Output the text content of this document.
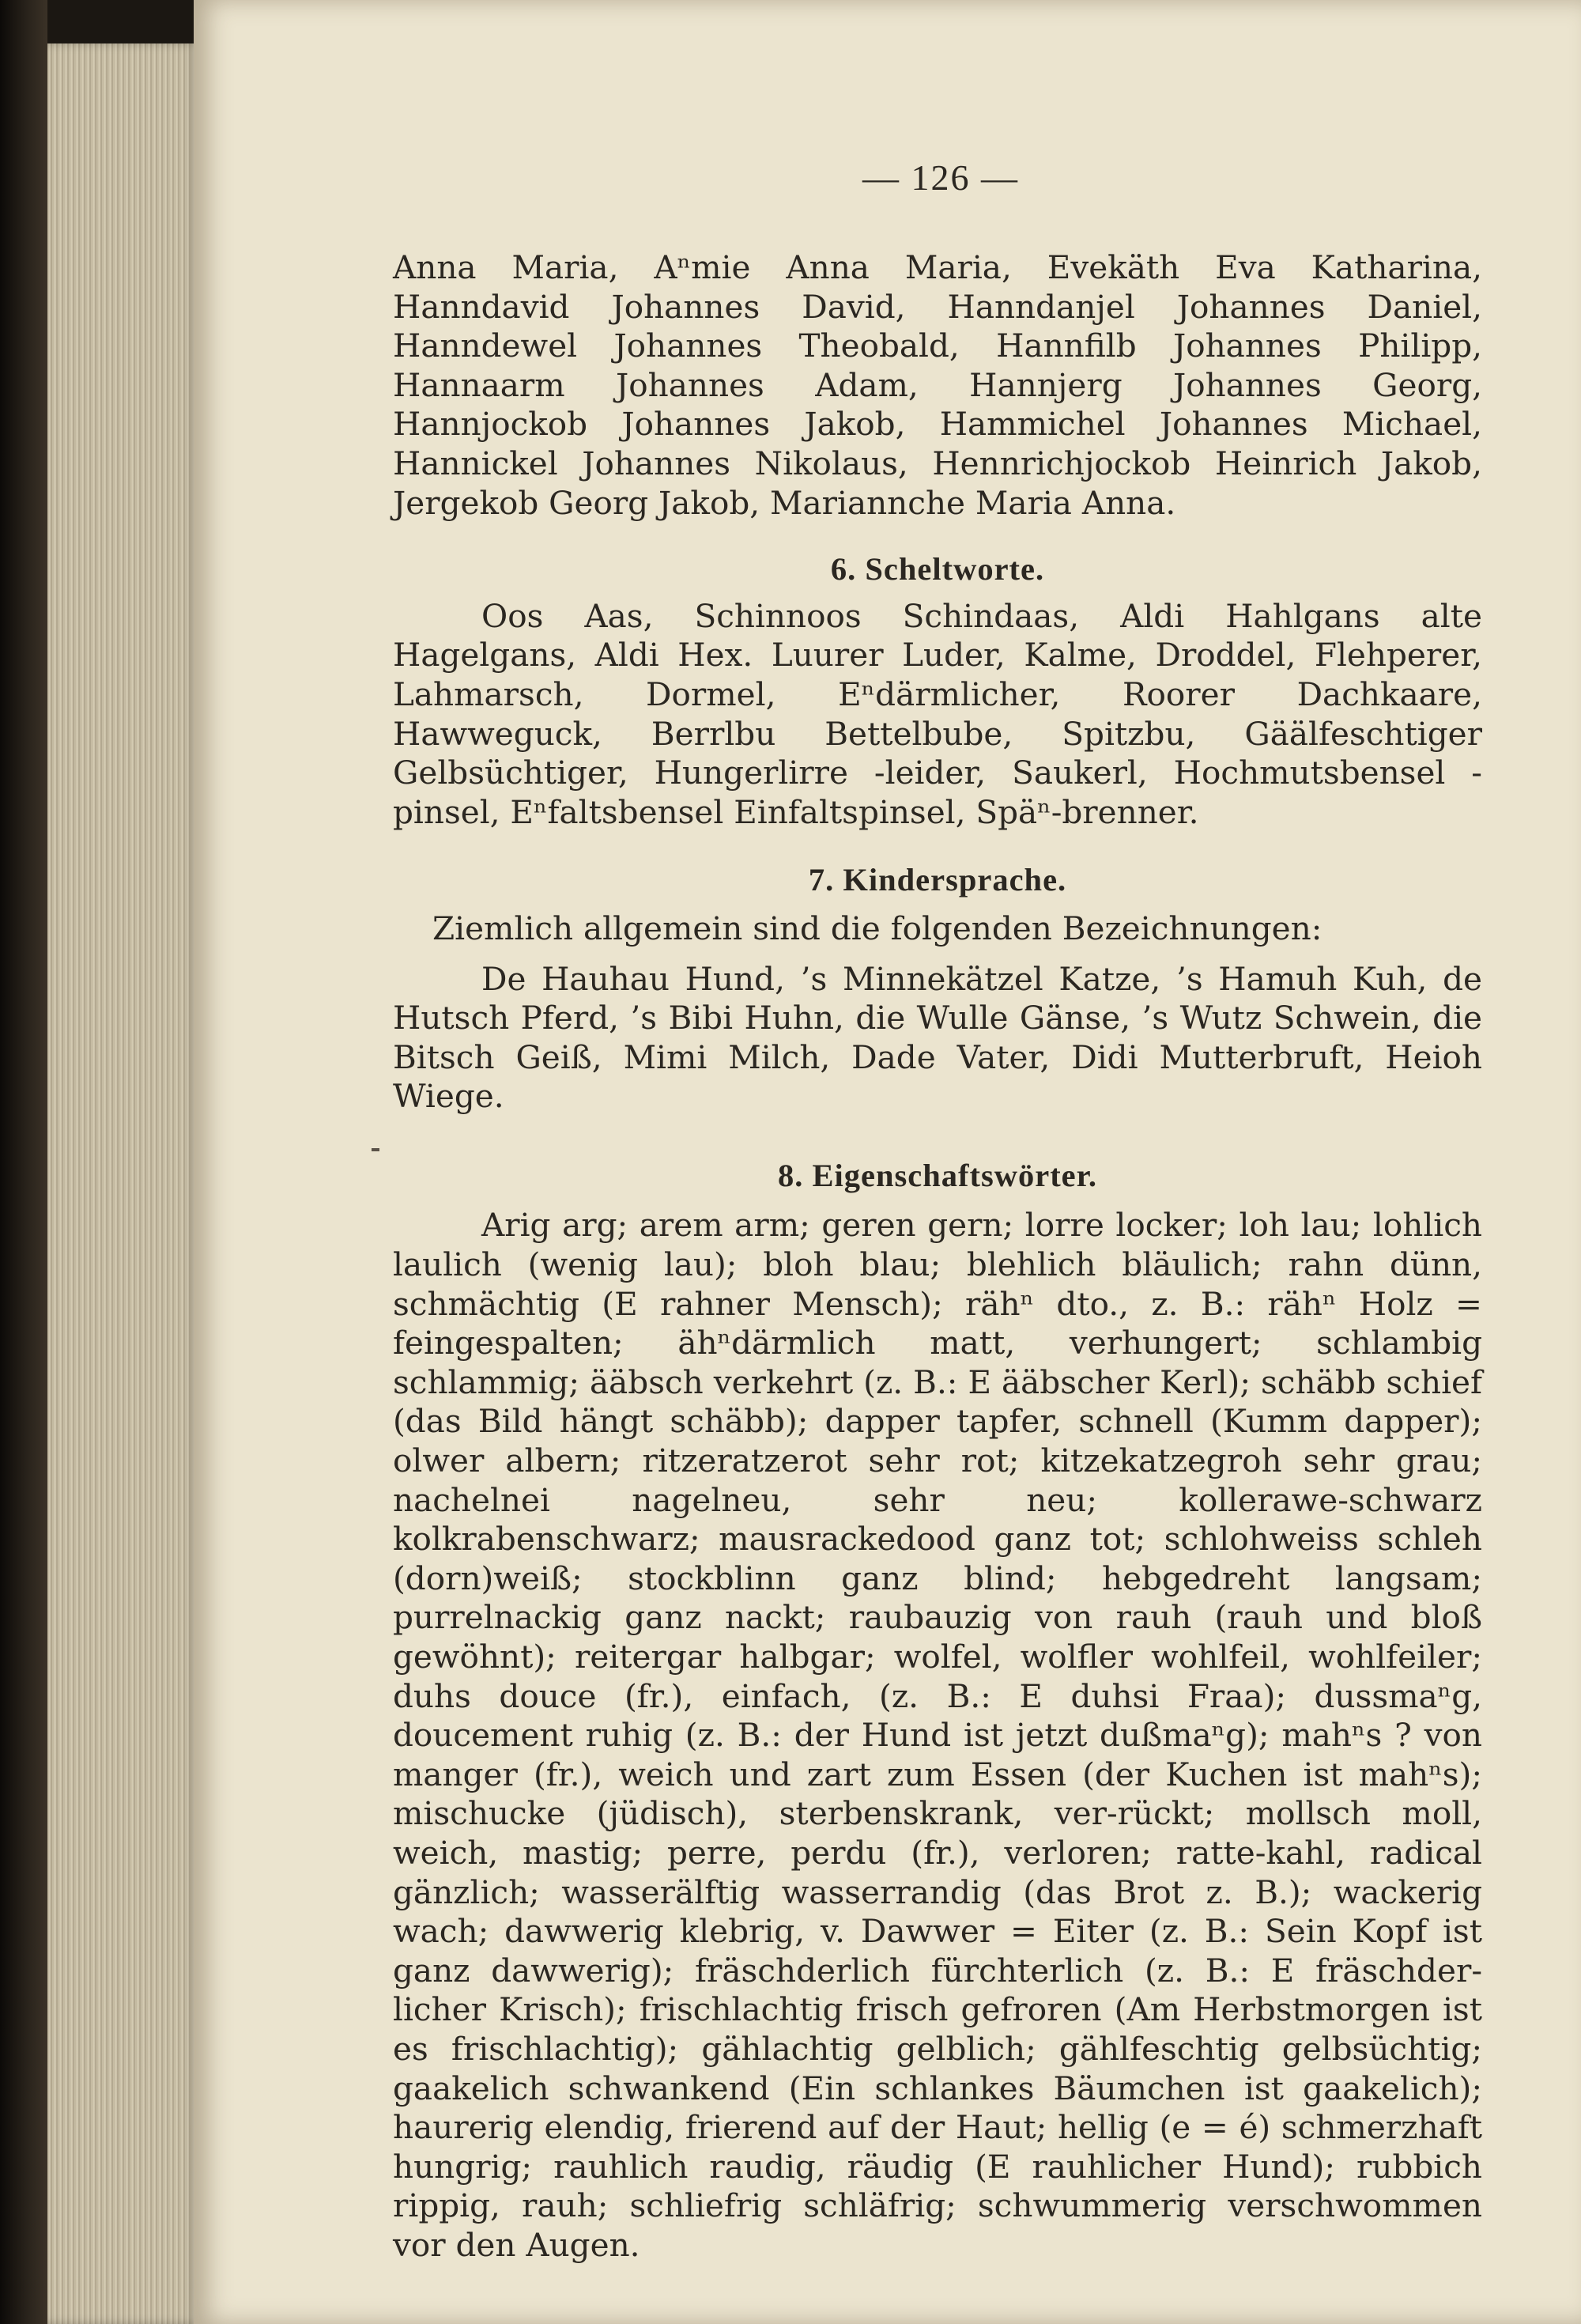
— 126 —

Anna Maria, Aⁿmie Anna Maria, Evekäth Eva Katharina, Hanndavid Johannes David, Hanndanjel Johannes Daniel, Hanndewel Johannes Theobald, Hannfilb Johannes Philipp, Hannaarm Johannes Adam, Hannjerg Johannes Georg, Hannjockob Johannes Jakob, Hammichel Johannes Michael, Hannickel Johannes Nikolaus, Hennrichjockob Heinrich Jakob, Jergekob Georg Jakob, Mariannche Maria Anna.

6. Scheltworte.

Oos Aas, Schinnoos Schindaas, Aldi Hahlgans alte Hagelgans, Aldi Hex. Luurer Luder, Kalme, Droddel, Flehperer, Lahmarsch, Dormel, Eⁿdärmlicher, Roorer Dachkaare, Hawweguck, Berrlbu Bettelbube, Spitzbu, Gäälfeschtiger Gelbsüchtiger, Hungerlirre -leider, Saukerl, Hochmutsbensel -pinsel, Eⁿfaltsbensel Einfaltspinsel, Späⁿ-brenner.

7. Kindersprache.

Ziemlich allgemein sind die folgenden Bezeichnungen:

De Hauhau Hund, ’s Minnekätzel Katze, ’s Hamuh Kuh, de Hutsch Pferd, ’s Bibi Huhn, die Wulle Gänse, ’s Wutz Schwein, die Bitsch Geiß, Mimi Milch, Dade Vater, Didi Mutterbruft, Heioh Wiege.

8. Eigenschaftswörter.

Arig arg; arem arm; geren gern; lorre locker; loh lau; lohlich laulich (wenig lau); bloh blau; blehlich bläulich; rahn dünn, schmächtig (E rahner Mensch); rähⁿ dto., z. B.: rähⁿ Holz = feingespalten; ähⁿdärmlich matt, verhungert; schlambig schlammig; ääbsch verkehrt (z. B.: E ääbscher Kerl); schäbb schief (das Bild hängt schäbb); dapper tapfer, schnell (Kumm dapper); olwer albern; ritzeratzerot sehr rot; kitzekatzegroh sehr grau; nachelnei nagelneu, sehr neu; kollerawe-schwarz kolkrabenschwarz; mausrackedood ganz tot; schlohweiss schleh (dorn)weiß; stockblinn ganz blind; hebgedreht langsam; purrelnackig ganz nackt; raubauzig von rauh (rauh und bloß gewöhnt); reitergar halbgar; wolfel, wolfler wohlfeil, wohlfeiler; duhs douce (fr.), einfach, (z. B.: E duhsi Fraa); dussmaⁿg, doucement ruhig (z. B.: der Hund ist jetzt dußmaⁿg); mahⁿs ? von manger (fr.), weich und zart zum Essen (der Kuchen ist mahⁿs); mischucke (jüdisch), sterbenskrank, ver-rückt; mollsch moll, weich, mastig; perre, perdu (fr.), verloren; ratte-kahl, radical gänzlich; wasserälftig wasserrandig (das Brot z. B.); wackerig wach; dawwerig klebrig, v. Dawwer = Eiter (z. B.: Sein Kopf ist ganz dawwerig); fräschderlich fürchterlich (z. B.: E fräschder-licher Krisch); frischlachtig frisch gefroren (Am Herbstmorgen ist es frischlachtig); gählachtig gelblich; gählfeschtig gelbsüchtig; gaakelich schwankend (Ein schlankes Bäumchen ist gaakelich); haurerig elendig, frierend auf der Haut; hellig (e = é) schmerzhaft hungrig; rauhlich raudig, räudig (E rauhlicher Hund); rubbich rippig, rauh; schliefrig schläfrig; schwummerig verschwommen vor den Augen.
